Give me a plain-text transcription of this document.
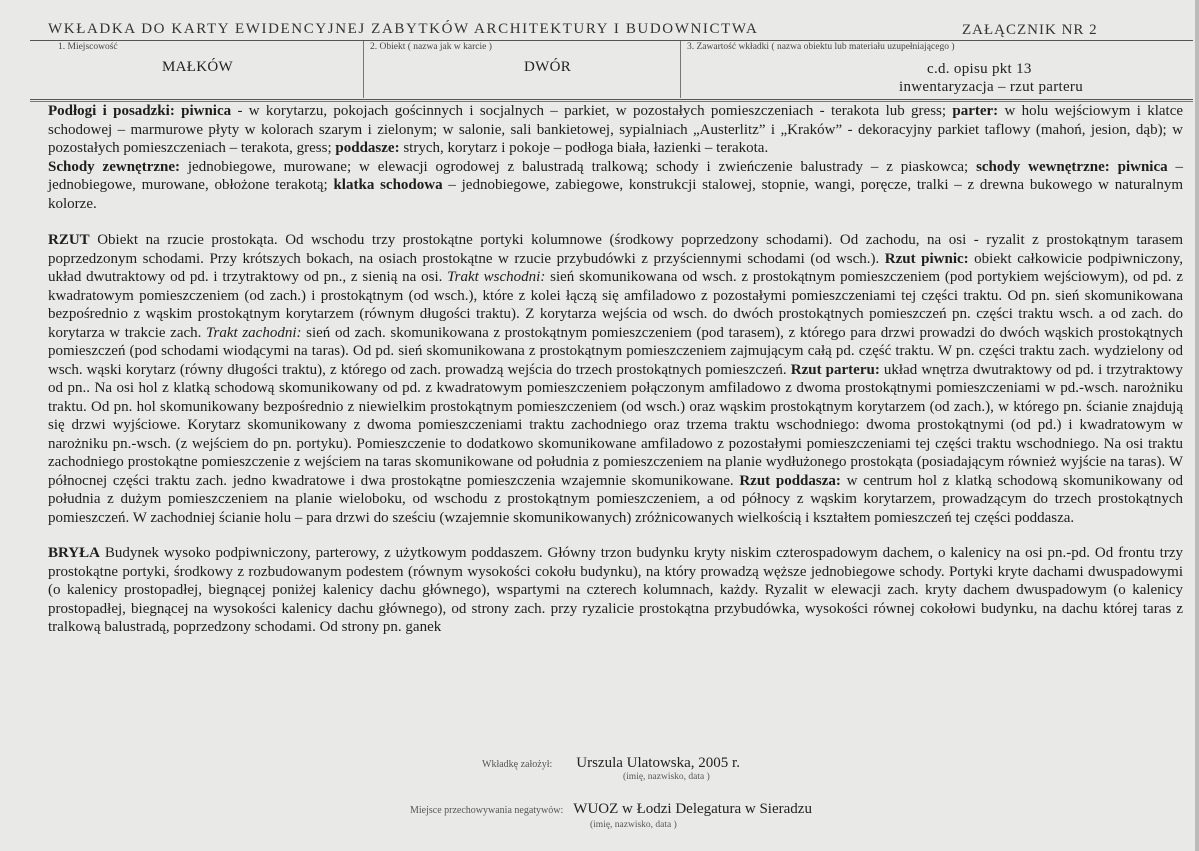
WKŁADKA DO KARTY EWIDENCYJNEJ ZABYTKÓW ARCHITEKTURY I BUDOWNICTWA	ZAŁĄCZNIK NR 2
1. Miejscowość
MAŁKÓW
2. Obiekt ( nazwa jak w karcie )
DWÓR
3. Zawartość wkładki ( nazwa obiektu lub materiału uzupełniającego )
c.d. opisu pkt 13
inwentaryzacja – rzut parteru

Podłogi i posadzki: piwnica - w korytarzu, pokojach gościnnych i socjalnych – parkiet, w pozostałych pomieszczeniach - terakota lub gress; parter: w holu wejściowym i klatce schodowej – marmurowe płyty w kolorach szarym i zielonym; w salonie, sali bankietowej, sypialniach „Austerlitz” i „Kraków” - dekoracyjny parkiet taflowy (mahoń, jesion, dąb); w pozostałych pomieszczeniach – terakota, gress; poddasze: strych, korytarz i pokoje – podłoga biała, łazienki – terakota.

Schody zewnętrzne: jednobiegowe, murowane; w elewacji ogrodowej z balustradą tralkową; schody i zwieńczenie balustrady – z piaskowca; schody wewnętrzne: piwnica – jednobiegowe, murowane, obłożone terakotą; klatka schodowa – jednobiegowe, zabiegowe, konstrukcji stalowej, stopnie, wangi, poręcze, tralki – z drewna bukowego w naturalnym kolorze.

RZUT Obiekt na rzucie prostokąta. Od wschodu trzy prostokątne portyki kolumnowe (środkowy poprzedzony schodami). Od zachodu, na osi - ryzalit z prostokątnym tarasem poprzedzonym schodami. Przy krótszych bokach, na osiach prostokątne w rzucie przybudówki z przyściennymi schodami (od wsch.). Rzut piwnic: obiekt całkowicie podpiwniczony, układ dwutraktowy od pd. i trzytraktowy od pn., z sienią na osi. Trakt wschodni: sień skomunikowana od wsch. z prostokątnym pomieszczeniem (pod portykiem wejściowym), od pd. z kwadratowym pomieszczeniem (od zach.) i prostokątnym (od wsch.), które z kolei łączą się amfiladowo z pozostałymi pomieszczeniami tej części traktu. Od pn. sień skomunikowana bezpośrednio z wąskim prostokątnym korytarzem (równym długości traktu). Z korytarza wejścia od wsch. do dwóch prostokątnych pomieszczeń pn. części traktu wsch. a od zach. do korytarza w trakcie zach. Trakt zachodni: sień od zach. skomunikowana z prostokątnym pomieszczeniem (pod tarasem), z którego para drzwi prowadzi do dwóch wąskich prostokątnych pomieszczeń (pod schodami wiodącymi na taras). Od pd. sień skomunikowana z prostokątnym pomieszczeniem zajmującym całą pd. część traktu. W pn. części traktu zach. wydzielony od wsch. wąski korytarz (równy długości traktu), z którego od zach. prowadzą wejścia do trzech prostokątnych pomieszczeń. Rzut parteru: układ wnętrza dwutraktowy od pd. i trzytraktowy od pn.. Na osi hol z klatką schodową skomunikowany od pd. z kwadratowym pomieszczeniem połączonym amfiladowo z dwoma prostokątnymi pomieszczeniami w pd.-wsch. narożniku traktu. Od pn. hol skomunikowany bezpośrednio z niewielkim prostokątnym pomieszczeniem (od wsch.) oraz wąskim prostokątnym korytarzem (od zach.), w którego pn. ścianie znajdują się drzwi wyjściowe. Korytarz skomunikowany z dwoma pomieszczeniami traktu zachodniego oraz trzema traktu wschodniego: dwoma prostokątnymi (od pd.) i kwadratowym w narożniku pn.-wsch. (z wejściem do pn. portyku). Pomieszczenie to dodatkowo skomunikowane amfiladowo z pozostałymi pomieszczeniami tej części traktu wschodniego. Na osi traktu zachodniego prostokątne pomieszczenie z wejściem na taras skomunikowane od południa z pomieszczeniem na planie wydłużonego prostokąta (posiadającym również wyjście na taras). W północnej części traktu zach. jedno kwadratowe i dwa prostokątne pomieszczenia wzajemnie skomunikowane. Rzut poddasza: w centrum hol z klatką schodową skomunikowany od południa z dużym pomieszczeniem na planie wieloboku, od wschodu z prostokątnym pomieszczeniem, a od północy z wąskim korytarzem, prowadzącym do trzech prostokątnych pomieszczeń. W zachodniej ścianie holu – para drzwi do sześciu (wzajemnie skomunikowanych) zróżnicowanych wielkością i kształtem pomieszczeń tej części poddasza.

BRYŁA Budynek wysoko podpiwniczony, parterowy, z użytkowym poddaszem. Główny trzon budynku kryty niskim czterospadowym dachem, o kalenicy na osi pn.-pd. Od frontu trzy prostokątne portyki, środkowy z rozbudowanym podestem (równym wysokości cokołu budynku), na który prowadzą węższe jednobiegowe schody. Portyki kryte dachami dwuspadowymi (o kalenicy prostopadłej, biegnącej poniżej kalenicy dachu głównego), wspartymi na czterech kolumnach, każdy. Ryzalit w elewacji zach. kryty dachem dwuspadowym (o kalenicy prostopadłej, biegnącej na wysokości kalenicy dachu głównego), od strony zach. przy ryzalicie prostokątna przybudówka, wysokości równej cokołowi budynku, na dachu której taras z tralkową balustradą, poprzedzony schodami. Od strony pn. ganek

Wkładkę założył: Urszula Ulatowska, 2005 r.
(imię, nazwisko, data )
Miejsce przechowywania negatywów: WUOZ w Łodzi Delegatura w Sieradzu
(imię, nazwisko, data )
